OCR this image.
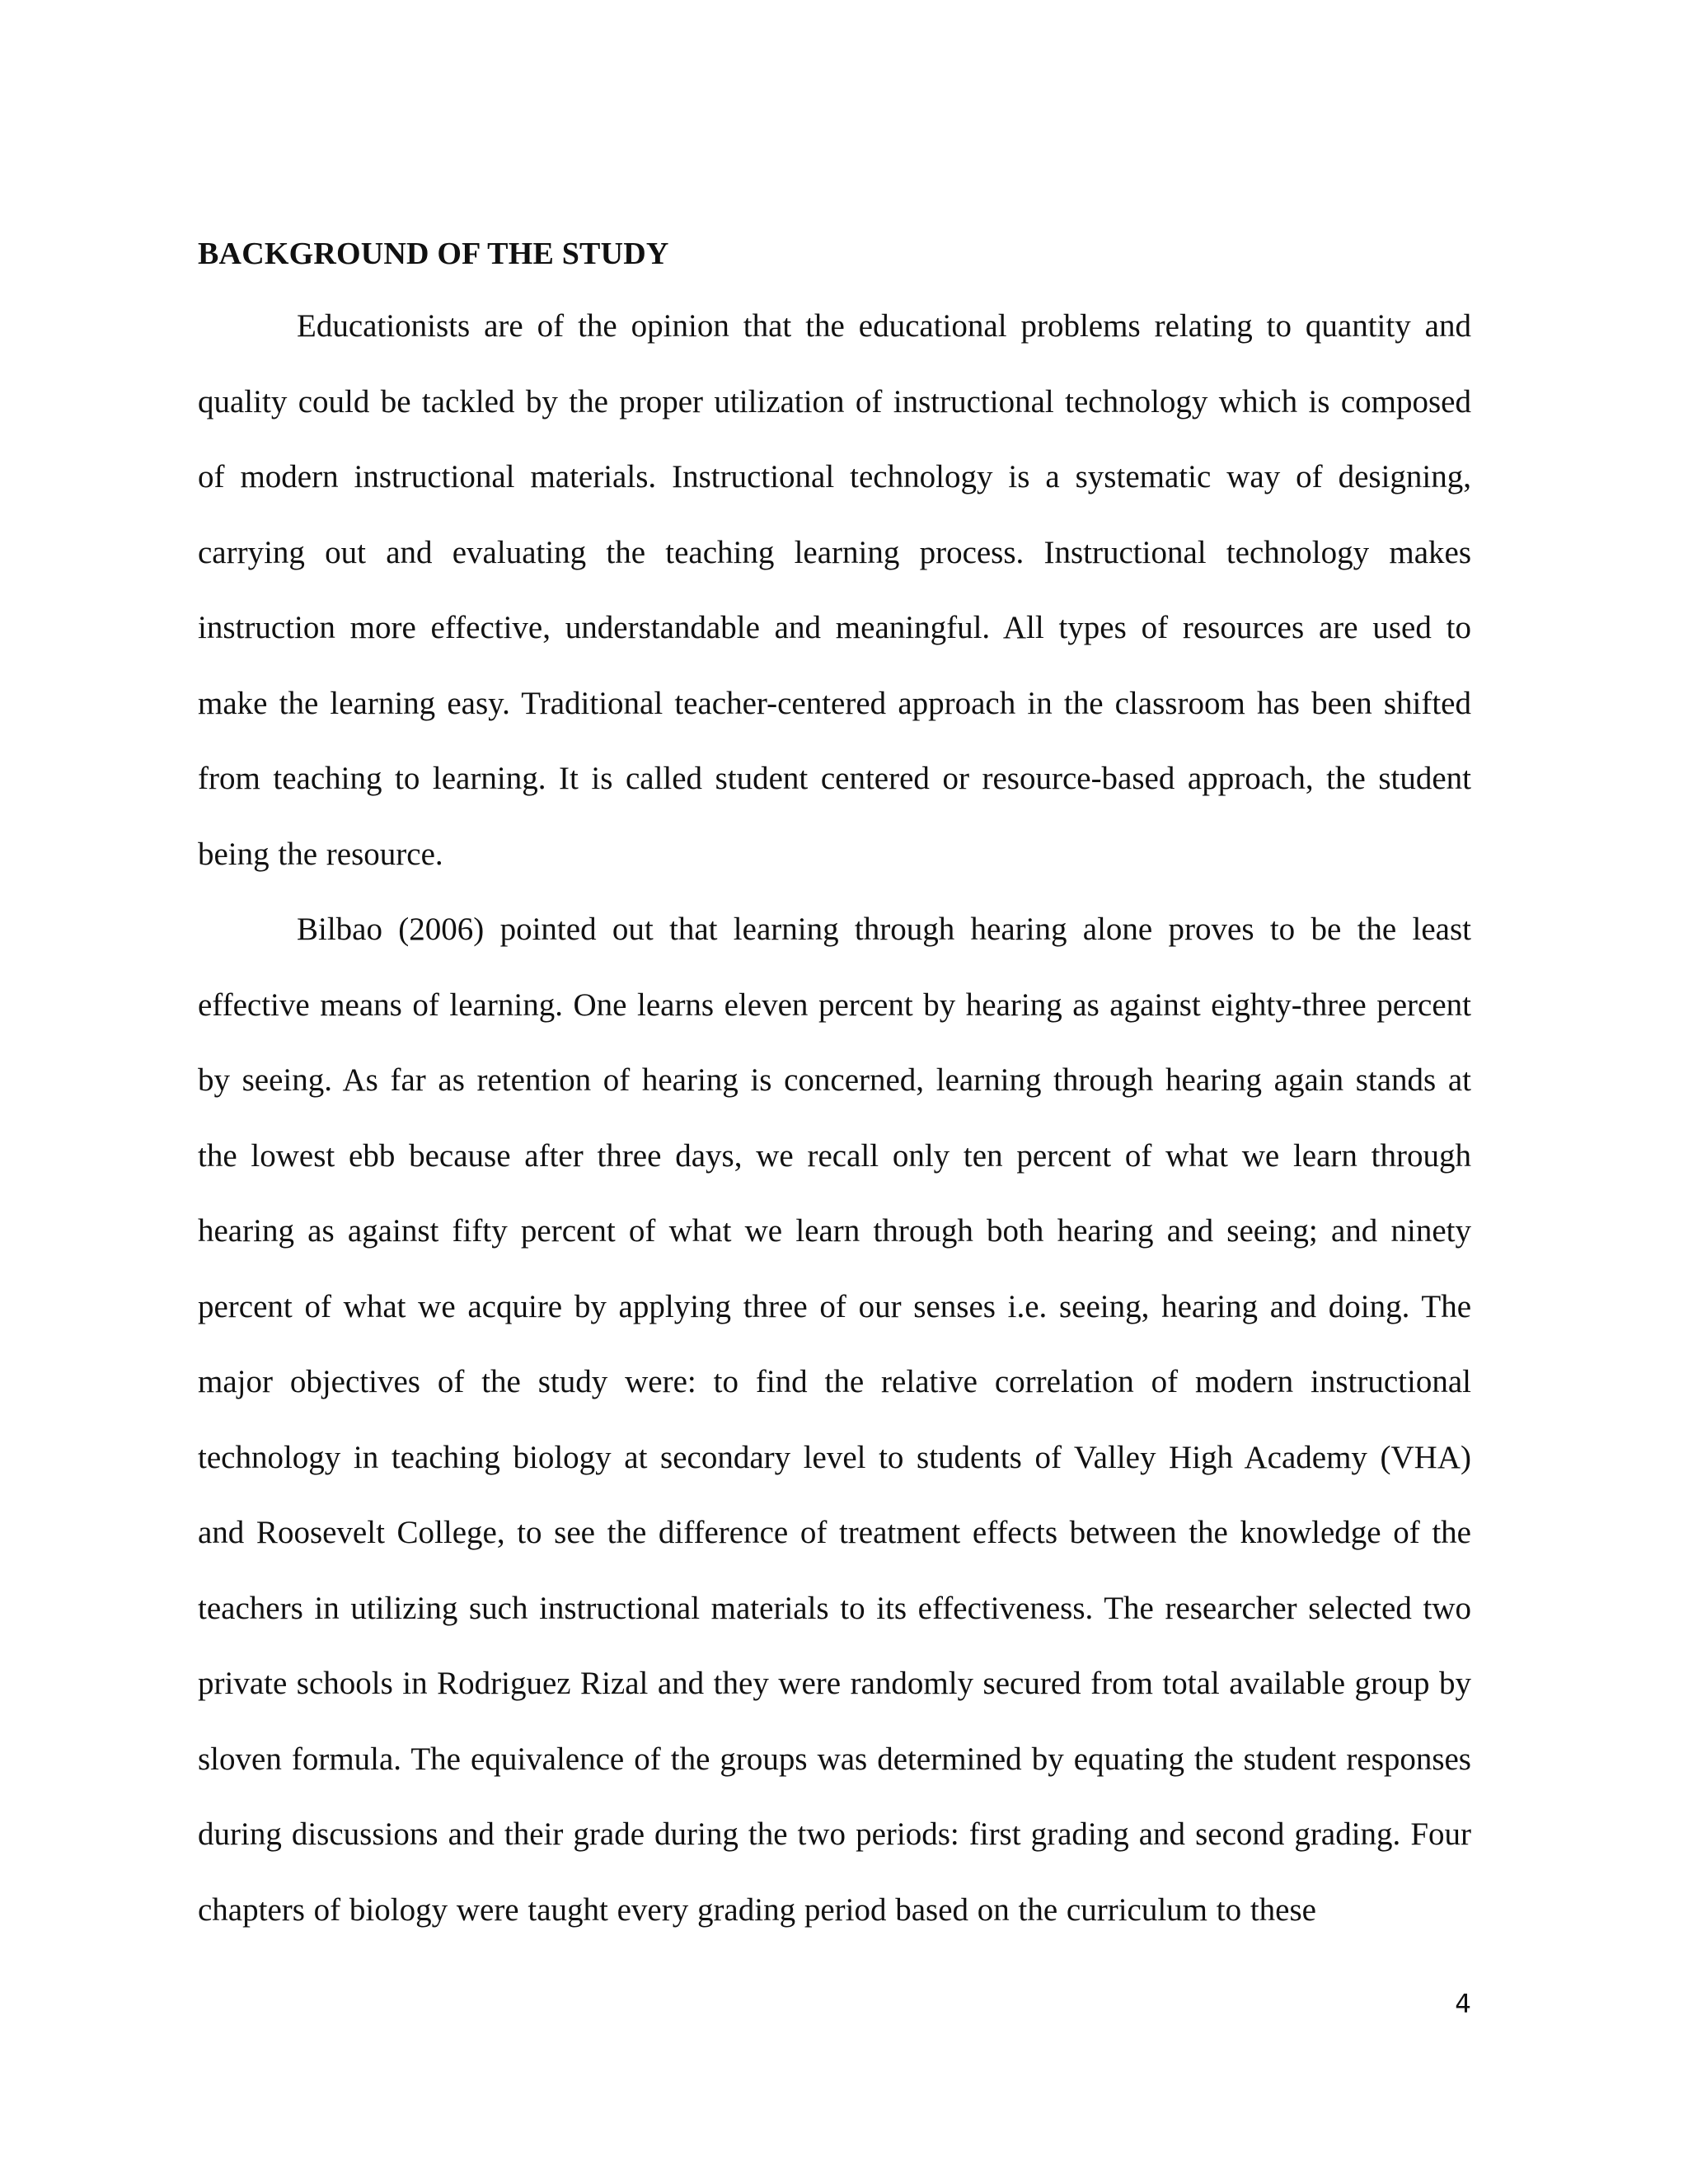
BACKGROUND OF THE STUDY

Educationists are of the opinion that the educational problems relating to quantity and quality could be tackled by the proper utilization of instructional technology which is composed of modern instructional materials. Instructional technology is a systematic way of designing, carrying out and evaluating the teaching learning process. Instructional technology makes instruction more effective, understandable and meaningful. All types of resources are used to make the learning easy. Traditional teacher-centered approach in the classroom has been shifted from teaching to learning. It is called student centered or resource-based approach, the student being the resource.

Bilbao (2006) pointed out that learning through hearing alone proves to be the least effective means of learning. One learns eleven percent by hearing as against eighty-three percent by seeing. As far as retention of hearing is concerned, learning through hearing again stands at the lowest ebb because after three days, we recall only ten percent of what we learn through hearing as against fifty percent of what we learn through both hearing and seeing; and ninety percent of what we acquire by applying three of our senses i.e. seeing, hearing and doing. The major objectives of the study were: to find the relative correlation of modern instructional technology in teaching biology at secondary level to students of Valley High Academy (VHA) and Roosevelt College, to see the difference of treatment effects between the knowledge of the teachers in utilizing such instructional materials to its effectiveness. The researcher selected two private schools in Rodriguez Rizal and they were randomly secured from total available group by sloven formula. The equivalence of the groups was determined by equating the student responses during discussions and their grade during the two periods: first grading and second grading. Four chapters of biology were taught every grading period based on the curriculum to these

4
